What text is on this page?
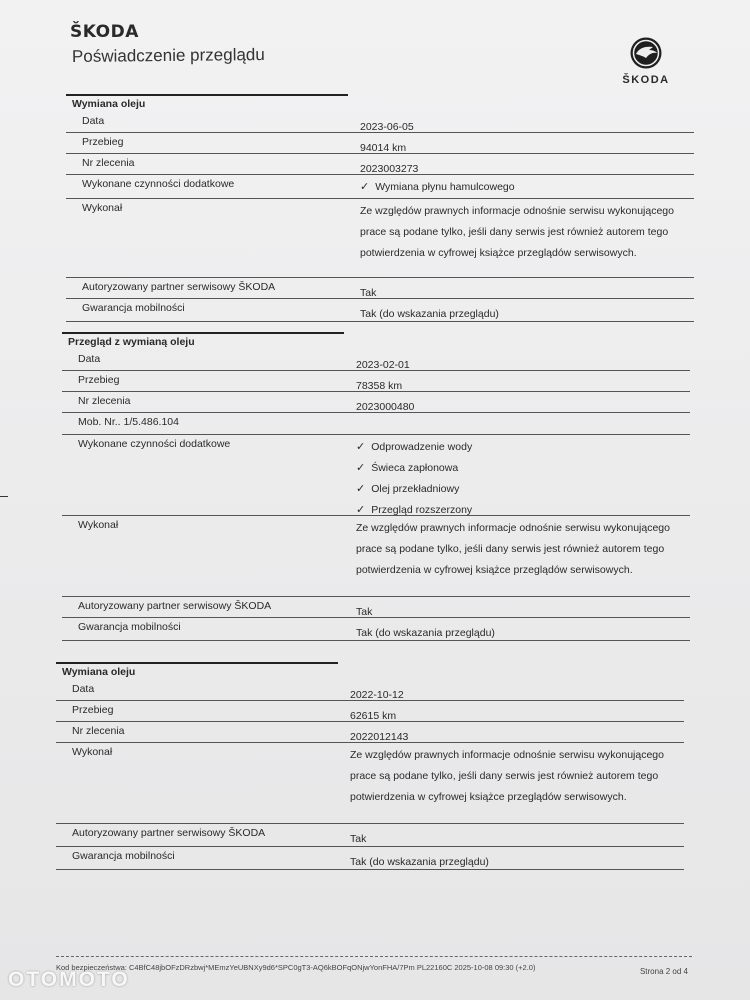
ŠKODA
Poświadczenie przeglądu
ŠKODA
Wymiana oleju
Data	2023-06-05
Przebieg	94014 km
Nr zlecenia	2023003273
Wykonane czynności dodatkowe	✓ Wymiana płynu hamulcowego
Wykonał	Ze względów prawnych informacje odnośnie serwisu wykonującego
prace są podane tylko, jeśli dany serwis jest również autorem tego
potwierdzenia w cyfrowej książce przeglądów serwisowych.
Autoryzowany partner serwisowy ŠKODA	Tak
Gwarancja mobilności	Tak (do wskazania przeglądu)
Przegląd z wymianą oleju
Data	2023-02-01
Przebieg	78358 km
Nr zlecenia	2023000480
Mob. Nr.. 1/5.486.104
Wykonane czynności dodatkowe	✓ Odprowadzenie wody
✓ Świeca zapłonowa
✓ Olej przekładniowy
✓ Przegląd rozszerzony
Wykonał	Ze względów prawnych informacje odnośnie serwisu wykonującego
prace są podane tylko, jeśli dany serwis jest również autorem tego
potwierdzenia w cyfrowej książce przeglądów serwisowych.
Autoryzowany partner serwisowy ŠKODA	Tak
Gwarancja mobilności	Tak (do wskazania przeglądu)
Wymiana oleju
Data	2022-10-12
Przebieg	62615 km
Nr zlecenia	2022012143
Wykonał	Ze względów prawnych informacje odnośnie serwisu wykonującego
prace są podane tylko, jeśli dany serwis jest również autorem tego
potwierdzenia w cyfrowej książce przeglądów serwisowych.
Autoryzowany partner serwisowy ŠKODA	Tak
Gwarancja mobilności	Tak (do wskazania przeglądu)
Kod bezpieczeństwa: C4BfC48jbOFzDRzbwj*MEmzYeUBNXy9d6*SPC0gT3-AQ6kBOFqONjwYonFHA/7Pm PL22160C 2025-10-08 09:30 (+2.0)	Strona 2 od 4
OTOMOTO
